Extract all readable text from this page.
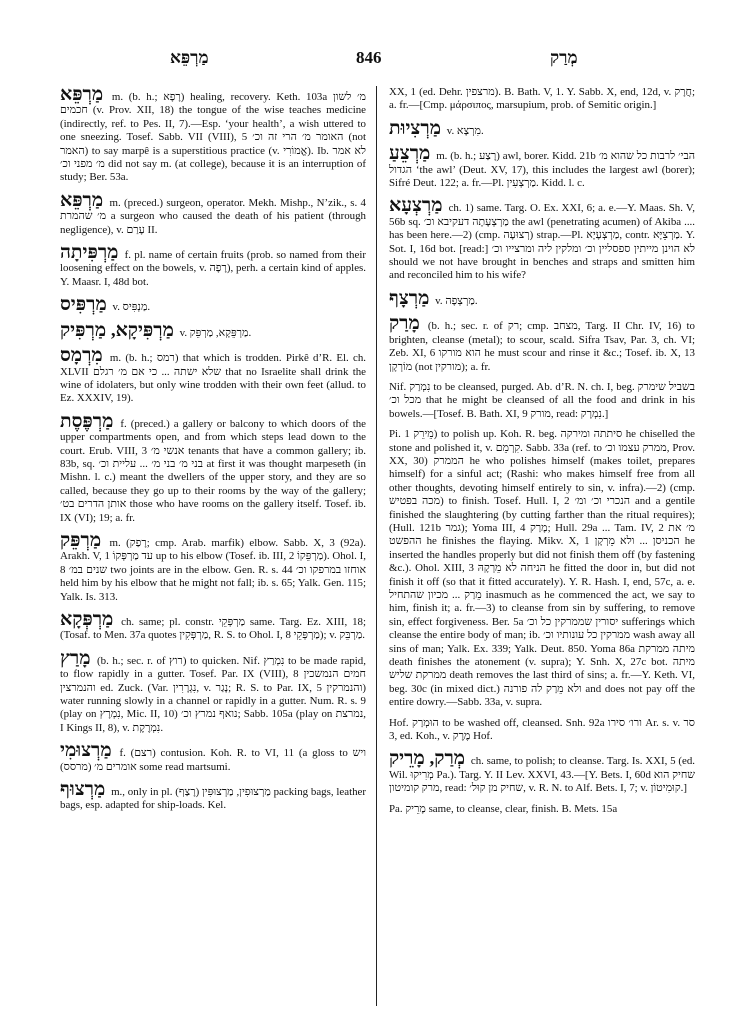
מַרְפֵּא	846	מְרַק

מַרְפֵּא m. (b. h.; רָפָא) healing, recovery. Keth. 103a מ׳ לשון חכמים (v. Prov. XII, 18) the tongue of the wise teaches medicine (indirectly, ref. to Pes. II, 7).—Esp. ‘your health’, a wish uttered to one sneezing. Tosef. Sabb. VII (VIII), 5 האומר מ׳ הרי זה וכ׳ (not האמר) to say marpê is a superstitious practice (v. אֱמוֹרִי). Ib. לא אמר מ׳ מפני וכ׳ did not say m. (at college), because it is an interruption of study; Ber. 53a.

מַרְפֵּא m. (preced.) surgeon, operator. Mekh. Mishp., N’zik., s. 4 מ׳ שהמרת a surgeon who caused the death of his patient (through negligence), v. עָרַם II.

מַרְפִּיתָה f. pl. name of certain fruits (prob. so named from their loosening effect on the bowels, v. רָפָה), perh. a certain kind of apples. Y. Maasr. I, 48d bot.

מַרְפִּיס v. מַנְפִּיס.

מַרְפִּיקָא, מַרְפִּיק v. מַרְפֵּקָא, מַרְפֵּק.

מִרְמָס m. (b. h.; רמס) that which is trodden. Pirkê d’R. El. ch. XLVII שלא ישתה ... כי אם מ׳ רגלם that no Israelite shall drink the wine of idolaters, but only wine trodden with their own feet (allud. to Ez. XXXIV, 19).

מַרְפֶּסֶת f. (preced.) a gallery or balcony to which doors of the upper compartments open, and from which steps lead down to the court. Erub. VIII, 3 אנשי מ׳ tenants that have a common gallery; ib. 83b, sq. בני מ׳ בני מ׳ ... עליית וכ׳ at first it was thought marpeseth (in Mishn. l. c.) meant the dwellers of the upper story, and they are so called, because they go up to their rooms by the way of the gallery; אותן הדרים בט׳ those who have rooms on the gallery itself. Tosef. ib. IX (VI); 19; a. fr.

מַרְפֵּק m. (רָפַק; cmp. Arab. marfik) elbow. Sabb. X, 3 (92a). Arakh. V, 1 עד מַרְפְּקוֹ up to his elbow (Tosef. ib. III, 2 מַרְפֵּקוֹ). Ohol. I, 8 שנים במ׳ two joints are in the elbow. Gen. R. s. 44 אוחזו במרפקו וכ׳ held him by his elbow that he might not fall; ib. s. 65; Yalk. Gen. 115; Yalk. Is. 313.

מַרְפְּקָא ch. same; pl. constr. מַרְפְּקֵי same. Targ. Ez. XIII, 18; (Tosaf. to Men. 37a quotes מַרְפְּקִין, R. S. to Ohol. I, 8 מַרְפְּקֵי); v. מַרְבֵּק.

מָרַץ (b. h.; sec. r. of רוץ) to quicken. Nif. נִמְרַץ to be made rapid, to flow rapidly in a gutter. Tosef. Par. IX (VIII), 8 חמים הנמשכין והנמרצין ed. Zuck. (Var. נִגְרָרִין, v. נָגַר; R. S. to Par. IX, 5 והנמרקין) water running slowly in a channel or rapidly in a gutter. Num. R. s. 9 (play on נִמְרָץ, Mic. II, 10) נואף נמרץ וכ׳; Sabb. 105a (play on נמרצת, I Kings II, 8), v. נִמְרֶקֶת.

מַרְצוּמִי f. (רצם) contusion. Koh. R. to VI, 11 (a gloss to ויש אומרים מ׳ (מרסס) some read martsumi.

מַרְצוּף m., only in pl. מַרְצוּפִין, מַרְצוּפִּין (רָצַף) packing bags, leather bags, esp. adapted for ship-loads. Kel.

XX, 1 (ed. Dehr. מרצפין). B. Bath. V, 1. Y. Sabb. X, end, 12d, v. חֲרָק; a. fr.—[Cmp. μάρσιπος, marsupium, prob. of Semitic origin.]

מַרְצִיוּת v. מִרְצָא.

מַרְצֵעַ m. (b. h.; רָצַע) awl, borer. Kidd. 21b הבי׳ לרבות כל שהוא מ׳ הגדול ‘the awl’ (Deut. XV, 17), this includes the largest awl (borer); Sifré Deut. 122; a. fr.—Pl. מַרְצְעִין. Kidd. l. c.

מַרְצְעָא ch. 1) same. Targ. O. Ex. XXI, 6; a. e.—Y. Maas. Sh. V, 56b sq. מַרְצְעָתָה דעקיבא וכ׳ the awl (penetrating acumen) of Akiba .... has been here.—2) (cmp. רְצוּעָה) strap.—Pl. מַרְצְעָיָא, contr. מַרְצֵיָּא. Y. Sot. I, 16d bot. [read:] לא הוינן מייתין ספסליין וכ׳ ומלקין ליה ומרצייו וכ׳ should we not have brought in benches and straps and smitten him and reconciled him to his wife?

מַרְצָף v. מַרְצְפָה.

מָרַק (b. h.; sec. r. of רק; cmp. מצחב, Targ. II Chr. IV, 16) to brighten, cleanse (metal); to scour, scald. Sifra Tsav, Par. 3, ch. VI; Zeb. XI, 6 הוא מורקו he must scour and rinse it &c.; Tosef. ib. X, 13 מוֹרְקָן (not מורקין); a. fr.

Nif. נִמְרַק to be cleansed, purged. Ab. d’R. N. ch. I, beg. בשביל שימרק מכל וכ׳ that he might be cleansed of all the food and drink in his bowels.—[Tosef. B. Bath. XI, 9 מורק, read: נִמְרָק.]

Pi. מֵירֵק 1) to polish up. Koh. R. beg. סיתתה ומירקה he chiselled the stone and polished it, v. קִרְמֵם. Sabb. 33a (ref. to ממרק עצמו וכ׳, Prov. XX, 30) הממרק he who polishes himself (makes toilet, prepares himself) for a sinful act; (Rashi: who makes himself free from all other thoughts, devoting himself entirely to sin, v. infra).—2) (cmp. מכה בפטיש) to finish. Tosef. Hull. I, 2 הנכרי וכ׳ ומ׳ and a gentile finished the slaughtering (by cutting farther than the ritual requires); (Hull. 121b גמר); Yoma III, 4 מָרַק; Hull. 29a ... Tam. IV, 2 מ׳ את ההפשט he finishes the flaying. Mikv. X, 1 הכניסן ... ולא מֵרְקָן he inserted the handles properly but did not finish them off (by fastening &c.). Ohol. XIII, 3 הניחה לא מֵרְקָהּ he fitted the door in, but did not finish it off (so that it fitted accurately). Y. R. Hash. I, end, 57c, a. e. מֵרַק ... מכיון שהתחיל inasmuch as he commenced the act, we say to him, finish it; a. fr.—3) to cleanse from sin by suffering, to remove sin, effect forgiveness. Ber. 5a יסורין שממרקין כל וכ׳ sufferings which cleanse the entire body of man; ib. ממרקין כל עונותיו וכ׳ wash away all sins of man; Yalk. Ex. 339; Yalk. Deut. 850. Yoma 86a מיתה ממרקת death finishes the atonement (v. supra); Y. Snh. X, 27c bot. מיתה ממרקת שליש death removes the last third of sins; a. fr.—Y. Keth. VI, beg. 30c (in mixed dict.) ולא מֵרַק לה פורנה and does not pay off the entire dowry.—Sabb. 33a, v. supra.

Hof. הוּמְרַק to be washed off, cleansed. Snh. 92a ורו׳ סירו Ar. s. v. סר 3, ed. Koh., v. מֶרֶק Hof.

מְרַק, מָרֵיק ch. same, to polish; to cleanse. Targ. Is. XXI, 5 (ed. Wil. מְרִיקוּ Pa.). Targ. Y. II Lev. XXVI, 43.—[Y. Bets. I, 60d שחיק הוא מרק קומיטון, read: שחיק מן קוּל׳, v. R. N. to Alf. Bets. I, 7; v. קוּמִיטוֹן.]

Pa. מָרֵיק same, to cleanse, clear, finish. B. Mets. 15a
